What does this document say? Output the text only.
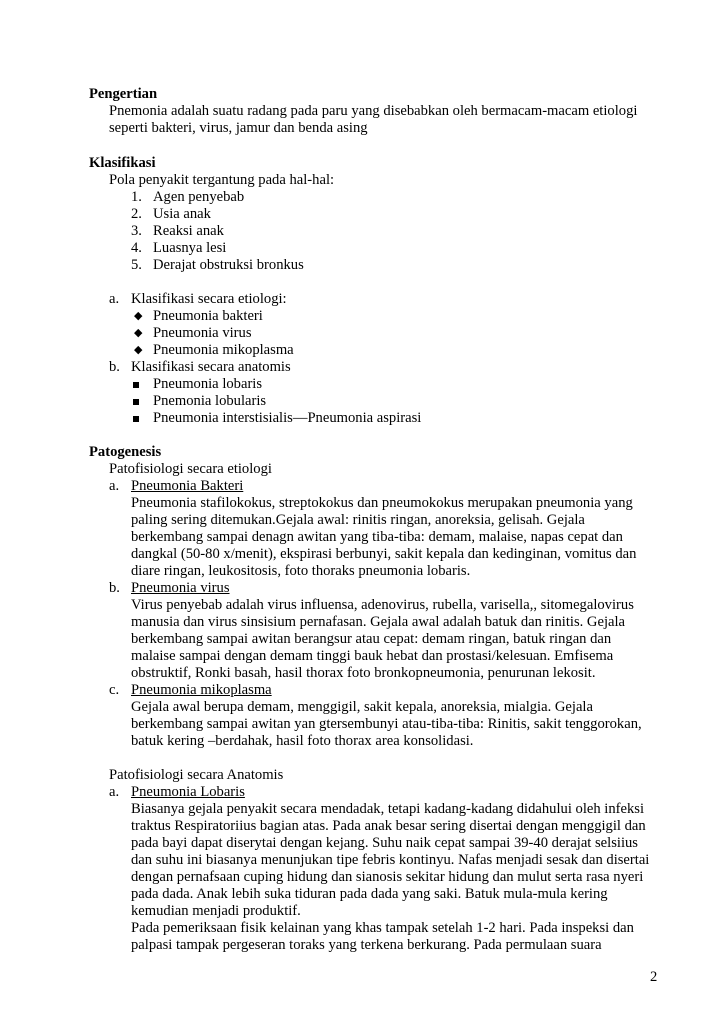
Pengertian
Pnemonia adalah suatu radang pada paru yang disebabkan oleh bermacam-macam etiologi
seperti bakteri, virus, jamur dan benda asing
Klasifikasi
Pola penyakit tergantung pada hal-hal:
1. Agen penyebab
2. Usia anak
3. Reaksi anak
4. Luasnya lesi
5. Derajat obstruksi bronkus
a. Klasifikasi secara etiologi:
◆ Pneumonia bakteri
◆ Pneumonia virus
◆ Pneumonia mikoplasma
b. Klasifikasi secara anatomis
Pneumonia lobaris
Pnemonia lobularis
Pneumonia interstisialis—Pneumonia aspirasi
Patogenesis
Patofisiologi secara etiologi
a. Pneumonia Bakteri
Pneumonia stafilokokus, streptokokus dan pneumokokus merupakan pneumonia yang
paling sering ditemukan.Gejala awal: rinitis ringan, anoreksia, gelisah. Gejala
berkembang sampai denagn awitan yang tiba-tiba: demam, malaise, napas cepat dan
dangkal (50-80 x/menit), ekspirasi berbunyi, sakit kepala dan kedinginan, vomitus dan
diare ringan, leukositosis, foto thoraks pneumonia lobaris.
b. Pneumonia virus
Virus penyebab adalah virus influensa, adenovirus, rubella, varisella,, sitomegalovirus
manusia dan virus sinsisium pernafasan. Gejala awal adalah batuk dan rinitis. Gejala
berkembang sampai awitan berangsur atau cepat: demam ringan, batuk ringan dan
malaise sampai dengan demam tinggi bauk hebat dan prostasi/kelesuan. Emfisema
obstruktif, Ronki basah, hasil thorax foto bronkopneumonia, penurunan lekosit.
c. Pneumonia mikoplasma
Gejala awal berupa demam, menggigil, sakit kepala, anoreksia, mialgia. Gejala
berkembang sampai awitan yan gtersembunyi atau-tiba-tiba: Rinitis, sakit tenggorokan,
batuk kering –berdahak, hasil foto thorax area konsolidasi.
Patofisiologi secara Anatomis
a. Pneumonia Lobaris
Biasanya gejala penyakit secara mendadak, tetapi kadang-kadang didahului oleh infeksi
traktus Respiratoriius bagian atas. Pada anak besar sering disertai dengan menggigil dan
pada bayi dapat diserytai dengan kejang. Suhu naik cepat sampai 39-40 derajat selsiius
dan suhu ini biasanya menunjukan tipe febris kontinyu. Nafas menjadi sesak dan disertai
dengan pernafsaan cuping hidung dan sianosis sekitar hidung dan mulut serta rasa nyeri
pada dada. Anak lebih suka tiduran pada dada yang saki. Batuk mula-mula kering
kemudian menjadi produktif.
Pada pemeriksaan fisik kelainan yang khas tampak setelah 1-2 hari. Pada inspeksi dan
palpasi tampak pergeseran toraks yang terkena berkurang. Pada permulaan suara
2
